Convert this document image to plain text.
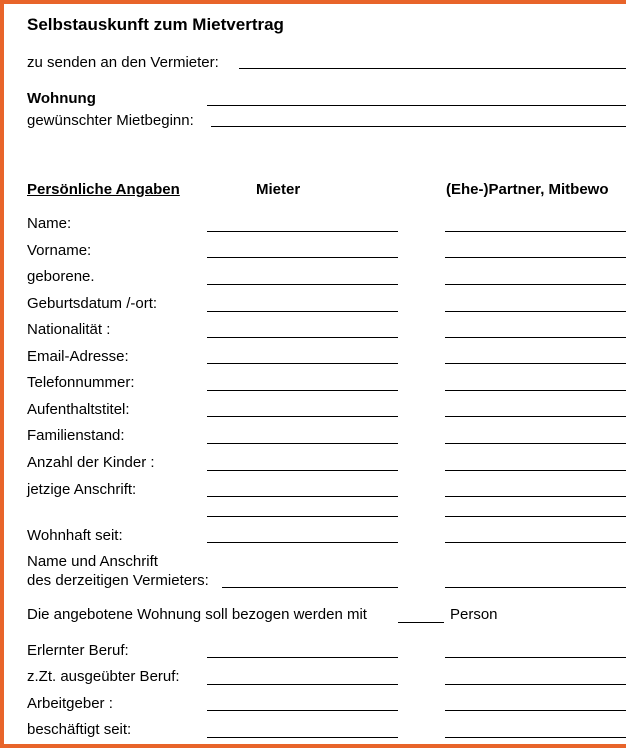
Selbstauskunft zum Mietvertrag
zu senden an den Vermieter:
Wohnung
gewünschter Mietbeginn:
Persönliche Angaben	Mieter	(Ehe-)Partner, Mitbewo
Name:
Vorname:
geborene.
Geburtsdatum /-ort:
Nationalität :
Email-Adresse:
Telefonnummer:
Aufenthaltstitel:
Familienstand:
Anzahl der Kinder :
jetzige Anschrift:
Wohnhaft seit:
Name und Anschrift
des derzeitigen Vermieters:
Die angebotene Wohnung soll bezogen werden mit	Person
Erlernter Beruf:
z.Zt. ausgeübter Beruf:
Arbeitgeber :
beschäftigt seit:
